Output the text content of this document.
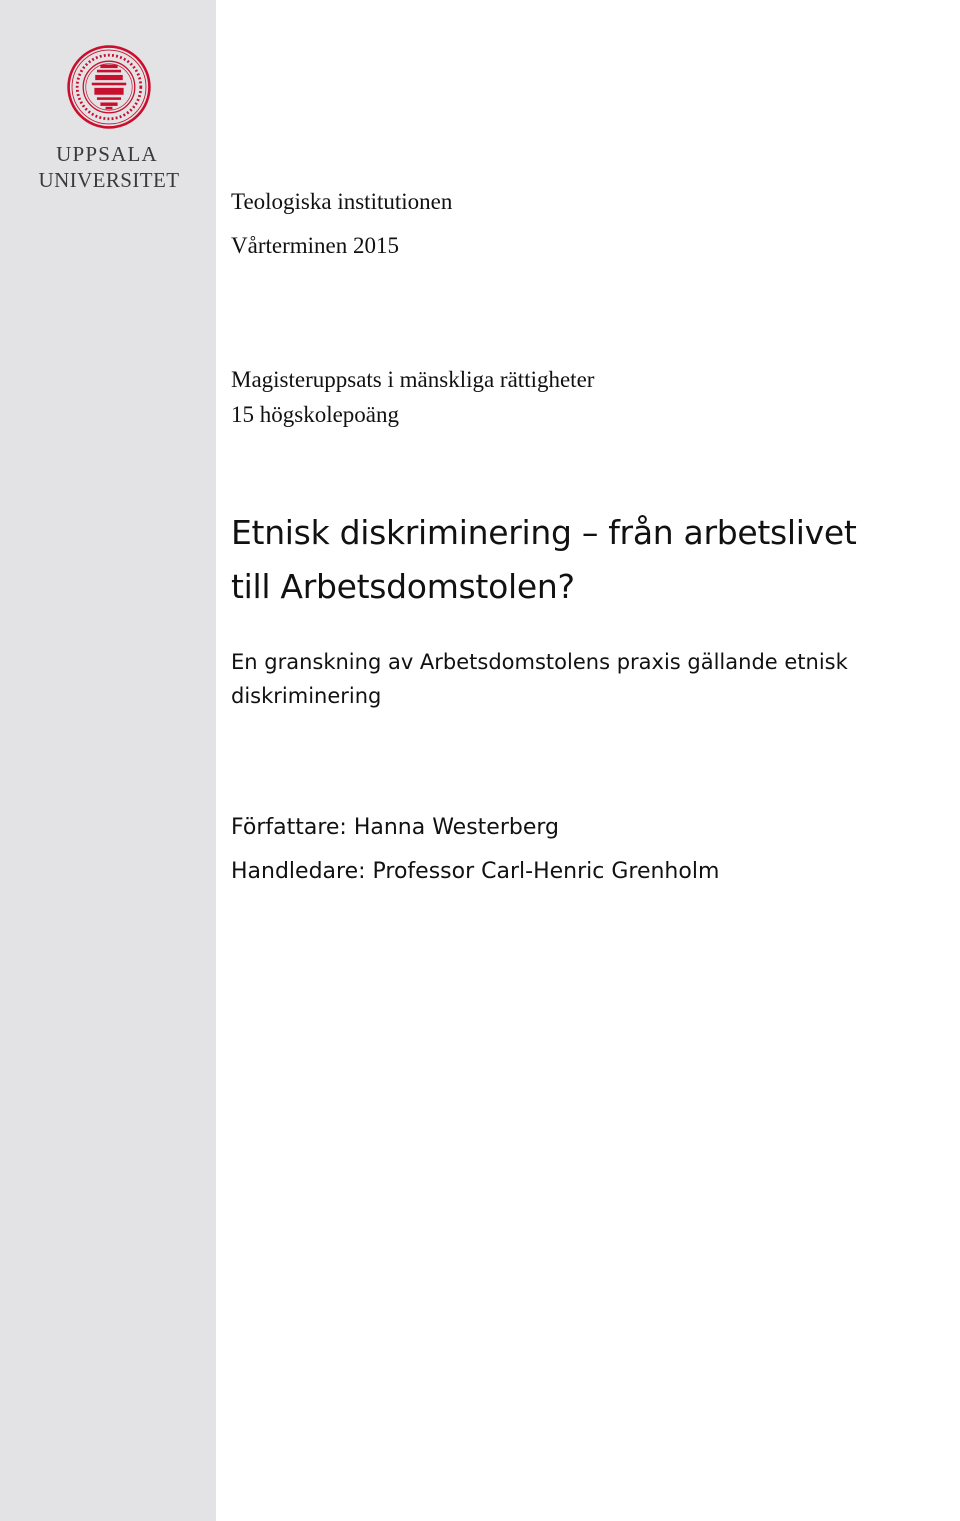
UPPSALA
UNIVERSITET
Teologiska institutionen
Vårterminen 2015
Magisteruppsats i mänskliga rättigheter
15 högskolepoäng
Etnisk diskriminering – från arbetslivet
till Arbetsdomstolen?
En granskning av Arbetsdomstolens praxis gällande etnisk
diskriminering
Författare: Hanna Westerberg
Handledare: Professor Carl-Henric Grenholm
